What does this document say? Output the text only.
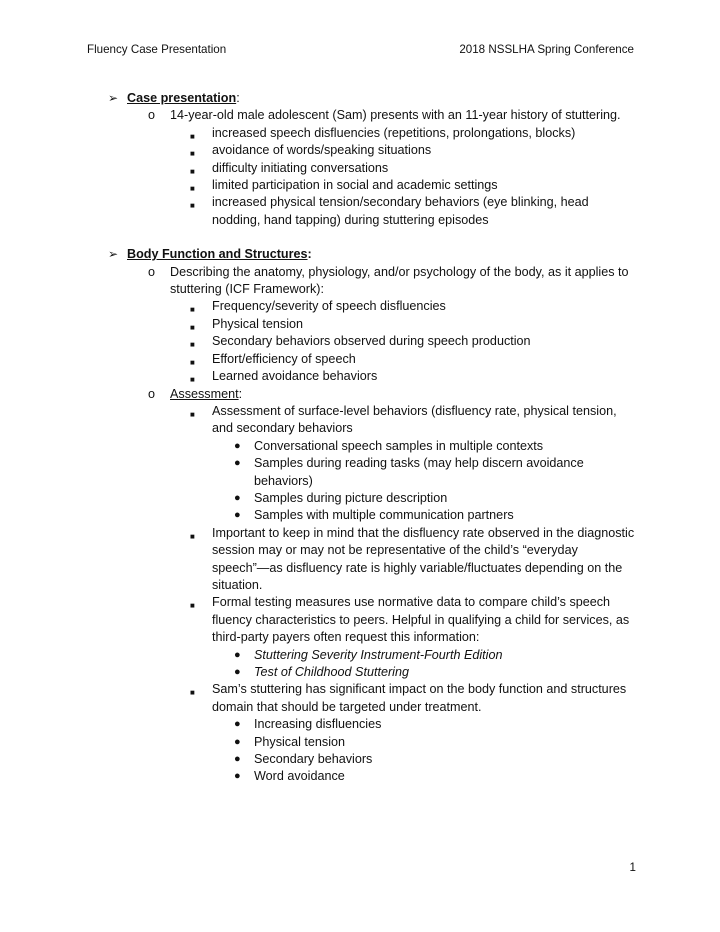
Fluency Case Presentation	2018 NSSLHA Spring Conference
➢ Case presentation:
o 14-year-old male adolescent (Sam) presents with an 11-year history of stuttering.
■ increased speech disfluencies (repetitions, prolongations, blocks)
■ avoidance of words/speaking situations
■ difficulty initiating conversations
■ limited participation in social and academic settings
■ increased physical tension/secondary behaviors (eye blinking, head nodding, hand tapping) during stuttering episodes
➢ Body Function and Structures:
o Describing the anatomy, physiology, and/or psychology of the body, as it applies to stuttering (ICF Framework):
■ Frequency/severity of speech disfluencies
■ Physical tension
■ Secondary behaviors observed during speech production
■ Effort/efficiency of speech
■ Learned avoidance behaviors
o Assessment:
■ Assessment of surface-level behaviors (disfluency rate, physical tension, and secondary behaviors
● Conversational speech samples in multiple contexts
● Samples during reading tasks (may help discern avoidance behaviors)
● Samples during picture description
● Samples with multiple communication partners
■ Important to keep in mind that the disfluency rate observed in the diagnostic session may or may not be representative of the child’s “everyday speech”—as disfluency rate is highly variable/fluctuates depending on the situation.
■ Formal testing measures use normative data to compare child’s speech fluency characteristics to peers. Helpful in qualifying a child for services, as third-party payers often request this information:
● Stuttering Severity Instrument-Fourth Edition
● Test of Childhood Stuttering
■ Sam’s stuttering has significant impact on the body function and structures domain that should be targeted under treatment.
● Increasing disfluencies
● Physical tension
● Secondary behaviors
● Word avoidance
1
